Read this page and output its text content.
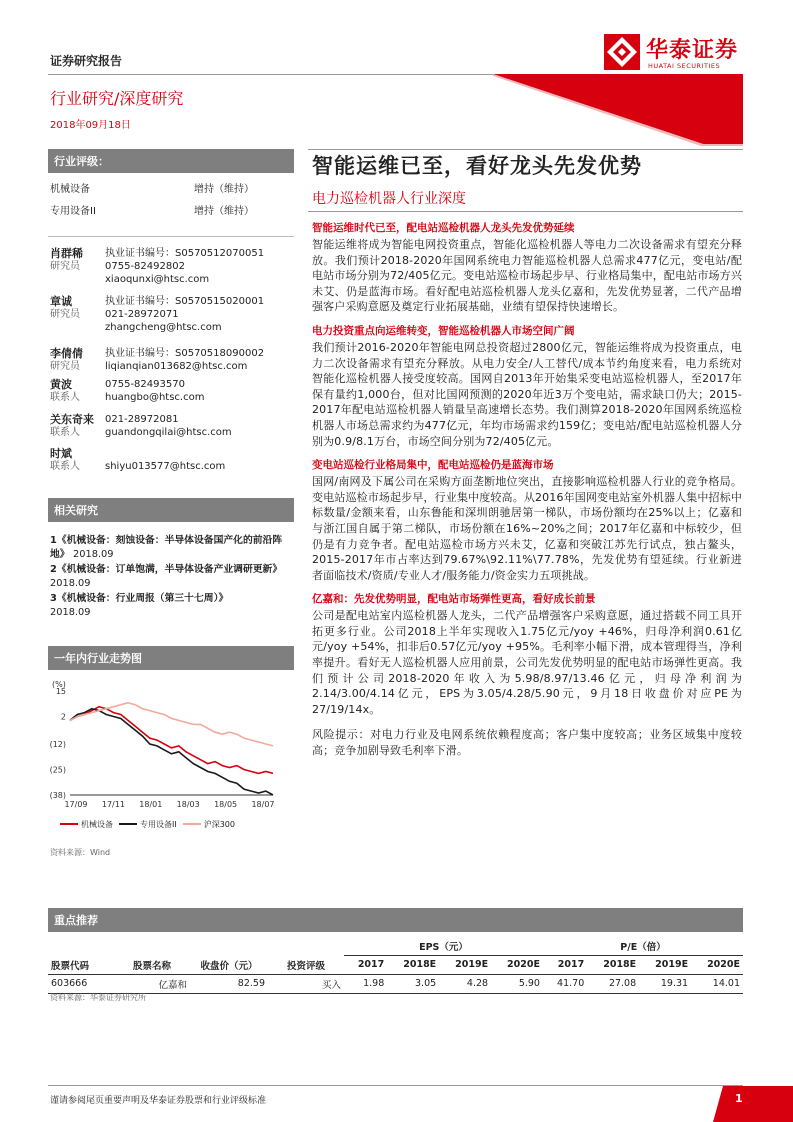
证券研究报告
行业研究/深度研究
2018年09月18日
华泰证券
HUATAI SECURITIES
行业评级：
机械设备	增持（维持）
专用设备II	增持（维持）
肖群稀	执业证书编号：S0570512070051
研究员	0755-82492802
xiaoqunxi@htsc.com
章诚	执业证书编号：S0570515020001
研究员	021-28972071
zhangcheng@htsc.com
李倩倩	执业证书编号：S0570518090002
研究员	liqianqian013682@htsc.com
黄波	0755-82493570
联系人	huangbo@htsc.com
关东奇来	021-28972081
联系人	guandongqilai@htsc.com
时斌
联系人	shiyu013577@htsc.com
相关研究
1《机械设备：刻蚀设备：半导体设备国产化的前沿阵地》 2018.09
2《机械设备：订单饱满，半导体设备产业调研更新》 2018.09
3《机械设备：行业周报（第三十七周）》
2018.09
一年内行业走势图
(%)
15
2
(12)
(25)
(38)
17/09 17/11 18/01 18/03 18/05 18/07
机械设备	专用设备II	沪深300
资料来源：Wind
智能运维已至，看好龙头先发优势
电力巡检机器人行业深度
智能运维时代已至，配电站巡检机器人龙头先发优势延续
智能运维将成为智能电网投资重点，智能化巡检机器人等电力二次设备需求有望充分释放。我们预计2018-2020年国网系统电力智能巡检机器人总需求477亿元，变电站/配电站市场分别为72/405亿元。变电站巡检市场起步早、行业格局集中，配电站市场方兴未艾、仍是蓝海市场。看好配电站巡检机器人龙头亿嘉和，先发优势显著，二代产品增强客户采购意愿及奠定行业拓展基础，业绩有望保持快速增长。
电力投资重点向运维转变，智能巡检机器人市场空间广阔
我们预计2016-2020年智能电网总投资超过2800亿元，智能运维将成为投资重点，电力二次设备需求有望充分释放。从电力安全/人工替代/成本节约角度来看，电力系统对智能化巡检机器人接受度较高。国网自2013年开始集采变电站巡检机器人，至2017年保有量约1,000台，但对比国网预测的2020年近3万个变电站，需求缺口仍大；2015-2017年配电站巡检机器人销量呈高速增长态势。我们测算2018-2020年国网系统巡检机器人市场总需求约为477亿元，年均市场需求约159亿；变电站/配电站巡检机器人分别为0.9/8.1万台，市场空间分别为72/405亿元。
变电站巡检行业格局集中，配电站巡检仍是蓝海市场
国网/南网及下属公司在采购方面垄断地位突出，直接影响巡检机器人行业的竞争格局。变电站巡检市场起步早，行业集中度较高。从2016年国网变电站室外机器人集中招标中标数量/金额来看，山东鲁能和深圳朗驰居第一梯队，市场份额均在25%以上；亿嘉和与浙江国自属于第二梯队，市场份额在16%~20%之间；2017年亿嘉和中标较少，但仍是有力竞争者。配电站巡检市场方兴未艾，亿嘉和突破江苏先行试点，独占鳌头，2015-2017年市占率达到79.67%\92.11%\77.78%，先发优势有望延续。行业新进者面临技术/资质/专业人才/服务能力/资金实力五项挑战。
亿嘉和：先发优势明显，配电站市场弹性更高，看好成长前景
公司是配电站室内巡检机器人龙头，二代产品增强客户采购意愿，通过搭载不同工具开拓更多行业。公司2018上半年实现收入1.75亿元/yoy +46%，归母净利润0.61亿元/yoy +54%，扣非后0.57亿元/yoy +95%。毛利率小幅下滑，成本管理得当，净利率提升。看好无人巡检机器人应用前景，公司先发优势明显的配电站市场弹性更高。我们预计公司2018-2020年收入为5.98/8.97/13.46亿元，归母净利润为2.14/3.00/4.14亿元，EPS为3.05/4.28/5.90元，9月18日收盘价对应PE为27/19/14x。
风险提示：对电力行业及电网系统依赖程度高；客户集中度较高；业务区域集中度较高；竞争加剧导致毛利率下滑。
重点推荐
				EPS（元）				P/E（倍）			
股票代码	股票名称	收盘价（元）	投资评级	2017	2018E	2019E	2020E	2017	2018E	2019E	2020E
603666	亿嘉和	82.59	买入	1.98	3.05	4.28	5.90	41.70	27.08	19.31	14.01
资料来源：华泰证券研究所
谨请参阅尾页重要声明及华泰证券股票和行业评级标准	1
